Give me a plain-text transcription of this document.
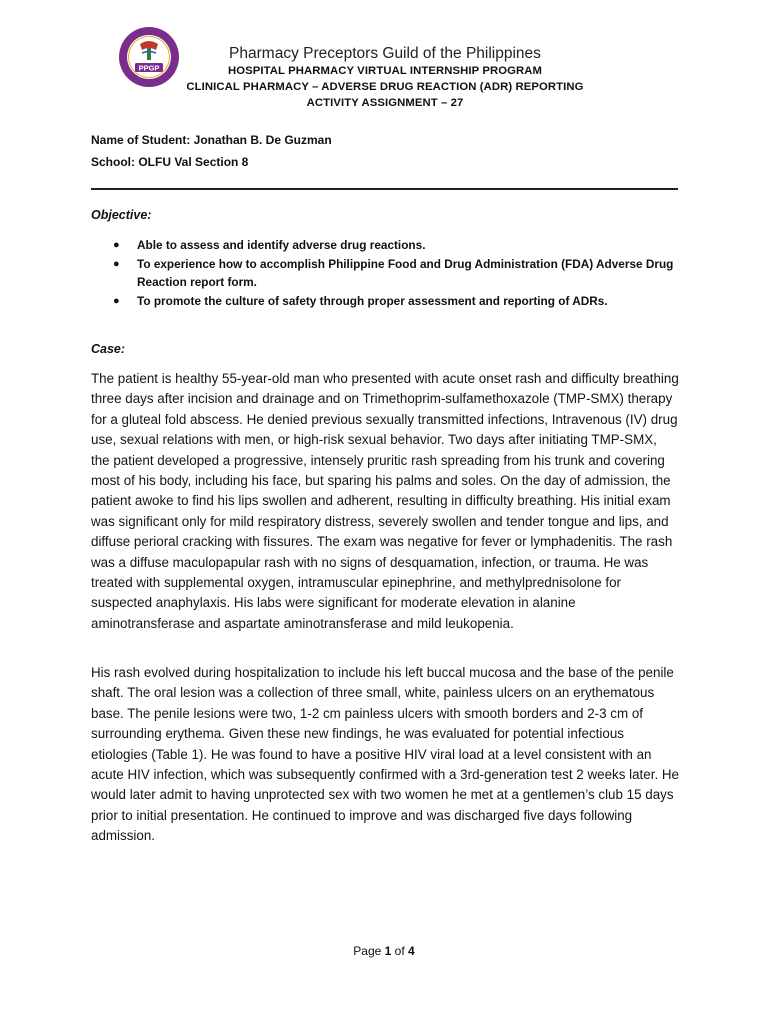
PPGP
Pharmacy Preceptors Guild of the Philippines
HOSPITAL PHARMACY VIRTUAL INTERNSHIP PROGRAM
CLINICAL PHARMACY – ADVERSE DRUG REACTION (ADR) REPORTING
ACTIVITY ASSIGNMENT – 27
Name of Student: Jonathan B. De Guzman
School: OLFU Val Section 8
Objective:
● Able to assess and identify adverse drug reactions.
● To experience how to accomplish Philippine Food and Drug Administration (FDA) Adverse Drug Reaction report form.
● To promote the culture of safety through proper assessment and reporting of ADRs.
Case:

The patient is healthy 55-year-old man who presented with acute onset rash and difficulty breathing three days after incision and drainage and on Trimethoprim-sulfamethoxazole (TMP-SMX) therapy for a gluteal fold abscess. He denied previous sexually transmitted infections, Intravenous (IV) drug use, sexual relations with men, or high-risk sexual behavior. Two days after initiating TMP-SMX, the patient developed a progressive, intensely pruritic rash spreading from his trunk and covering most of his body, including his face, but sparing his palms and soles. On the day of admission, the patient awoke to find his lips swollen and adherent, resulting in difficulty breathing. His initial exam was significant only for mild respiratory distress, severely swollen and tender tongue and lips, and diffuse perioral cracking with fissures. The exam was negative for fever or lymphadenitis. The rash was a diffuse maculopapular rash with no signs of desquamation, infection, or trauma. He was treated with supplemental oxygen, intramuscular epinephrine, and methylprednisolone for suspected anaphylaxis. His labs were significant for moderate elevation in alanine aminotransferase and aspartate aminotransferase and mild leukopenia.

His rash evolved during hospitalization to include his left buccal mucosa and the base of the penile shaft. The oral lesion was a collection of three small, white, painless ulcers on an erythematous base. The penile lesions were two, 1-2 cm painless ulcers with smooth borders and 2-3 cm of surrounding erythema. Given these new findings, he was evaluated for potential infectious etiologies (Table 1). He was found to have a positive HIV viral load at a level consistent with an acute HIV infection, which was subsequently confirmed with a 3rd-generation test 2 weeks later. He would later admit to having unprotected sex with two women he met at a gentlemen’s club 15 days prior to initial presentation. He continued to improve and was discharged five days following admission.

Page 1 of 4
